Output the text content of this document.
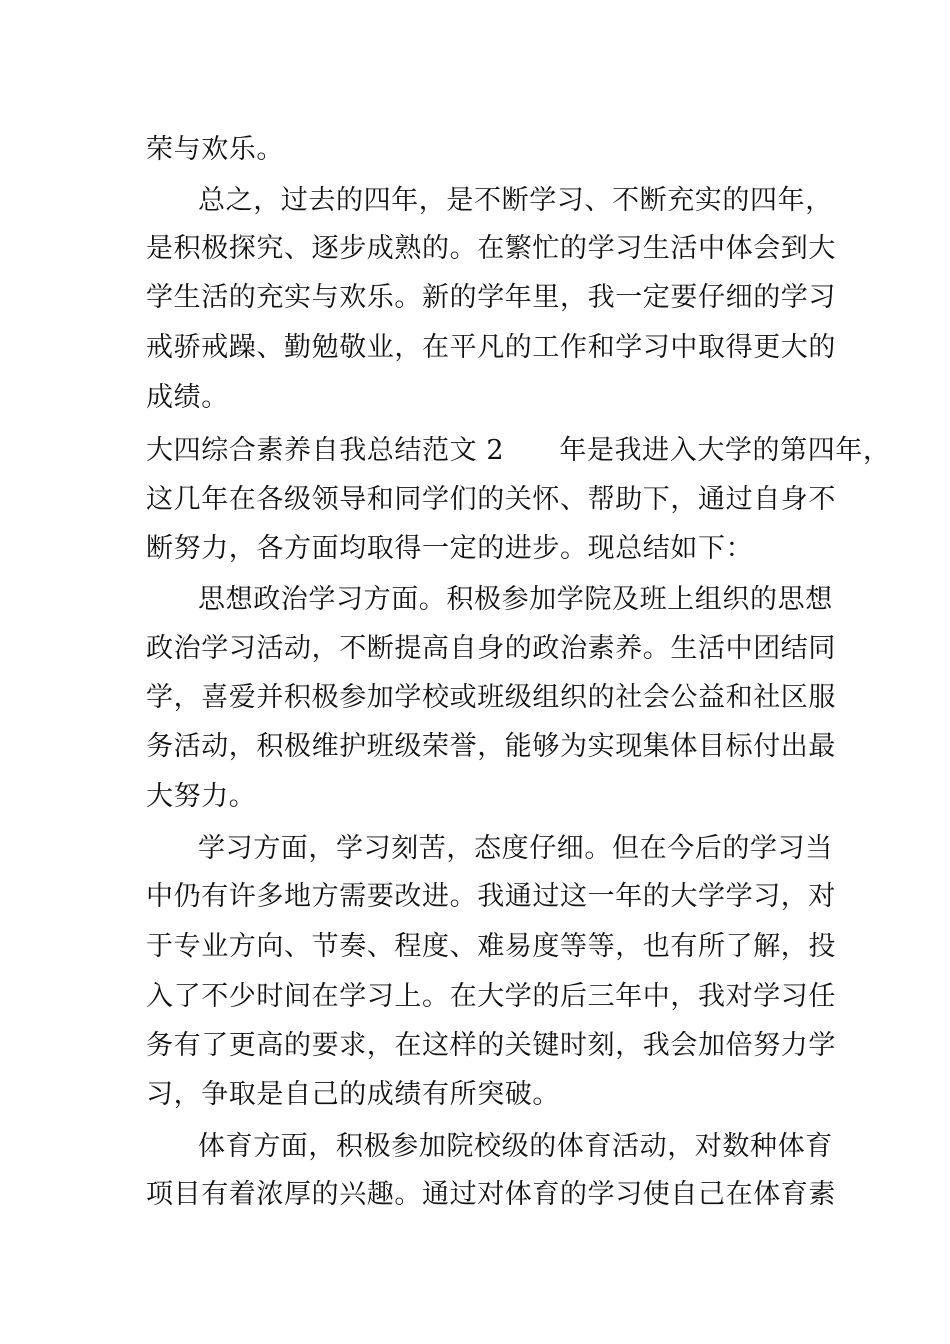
荣与欢乐。
总之，过去的四年，是不断学习、不断充实的四年，
是积极探究、逐步成熟的。在繁忙的学习生活中体会到大
学生活的充实与欢乐。新的学年里，我一定要仔细的学习
戒骄戒躁、勤勉敬业，在平凡的工作和学习中取得更大的
成绩。
大四综合素养自我总结范文 2　　年是我进入大学的第四年，
这几年在各级领导和同学们的关怀、帮助下，通过自身不
断努力，各方面均取得一定的进步。现总结如下：
思想政治学习方面。积极参加学院及班上组织的思想
政治学习活动，不断提高自身的政治素养。生活中团结同
学，喜爱并积极参加学校或班级组织的社会公益和社区服
务活动，积极维护班级荣誉，能够为实现集体目标付出最
大努力。
学习方面，学习刻苦，态度仔细。但在今后的学习当
中仍有许多地方需要改进。我通过这一年的大学学习，对
于专业方向、节奏、程度、难易度等等，也有所了解，投
入了不少时间在学习上。在大学的后三年中，我对学习任
务有了更高的要求，在这样的关键时刻，我会加倍努力学
习，争取是自己的成绩有所突破。
体育方面，积极参加院校级的体育活动，对数种体育
项目有着浓厚的兴趣。通过对体育的学习使自己在体育素
